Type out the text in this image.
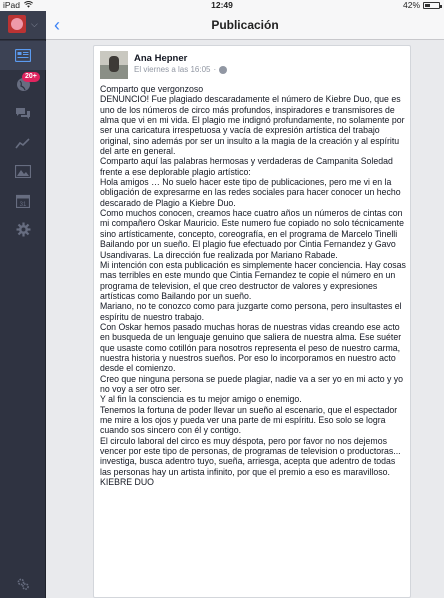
iPad	12:49	42%
⌵
20+
31
‹	Publicación
Ana Hepner
El viernes a las 16:05 ·

Comparto que vergonzoso

DENUNCIO! Fue plagiado descaradamente el número de Kiebre Duo, que es uno de los números de circo más profundos, inspiradores e transmisores de alma que vi en mi vida. El plagio me indignó profundamente, no solamente por ser una caricatura irrespetuosa y vacía de expresión artística del trabajo original, sino además por ser un insulto a la magia de la creación y al espíritu del arte en general.

Comparto aquí las palabras hermosas y verdaderas de Campanita Soledad frente a ese deplorable plagio artístico:

Hola amigos … No suelo hacer este tipo de publicaciones, pero me vi en la obligación de expresarme en las redes sociales para hacer conocer un hecho descarado de Plagio a Kiebre Duo.

Como muchos conocen, creamos hace cuatro años un números de cintas con mi compañero Oskar Mauricio. Este numero fue copiado no solo técnicamente sino artísticamente, concepto, coreografía, en el programa de Marcelo Tinelli Bailando por un sueño. El plagio fue efectuado por Cintia Fernandez y Gavo Usandivaras. La dirección fue realizada por Mariano Rabade.

Mi intención con esta publicación es simplemente hacer conciencia. Hay cosas mas terribles en este mundo que Cintia Fernandez te copie el número en un programa de television, el que creo destructor de valores y expresiones artísticas como Bailando por un sueño.

Mariano, no te conozco como para juzgarte como persona, pero insultastes el espíritu de nuestro trabajo.

Con Oskar hemos pasado muchas horas de nuestras vidas creando ese acto en busqueda de un lenguaje genuino que saliera de nuestra alma. Ese suéter que usaste como cotillón para nosotros representa el peso de nuestro carma, nuestra historia y nuestros sueños. Por eso lo incorporamos en nuestro acto desde el comienzo.

Creo que ninguna persona se puede plagiar, nadie va a ser yo en mi acto y yo no voy a ser otro ser.

Y al fin la consciencia es tu mejor amigo o enemigo.

Tenemos la fortuna de poder llevar un sueño al escenario, que el espectador me mire a los ojos y pueda ver una parte de mi espíritu. Eso solo se logra cuando sos sincero con él y contigo.

El circulo laboral del circo es muy déspota, pero por favor no nos dejemos vencer por este tipo de personas, de programas de television o productoras... investiga, busca adentro tuyo, sueña, arriesga, acepta que adentro de todas las personas hay un artista infinito, por que el premio a eso es maravilloso.

KIEBRE DUO
